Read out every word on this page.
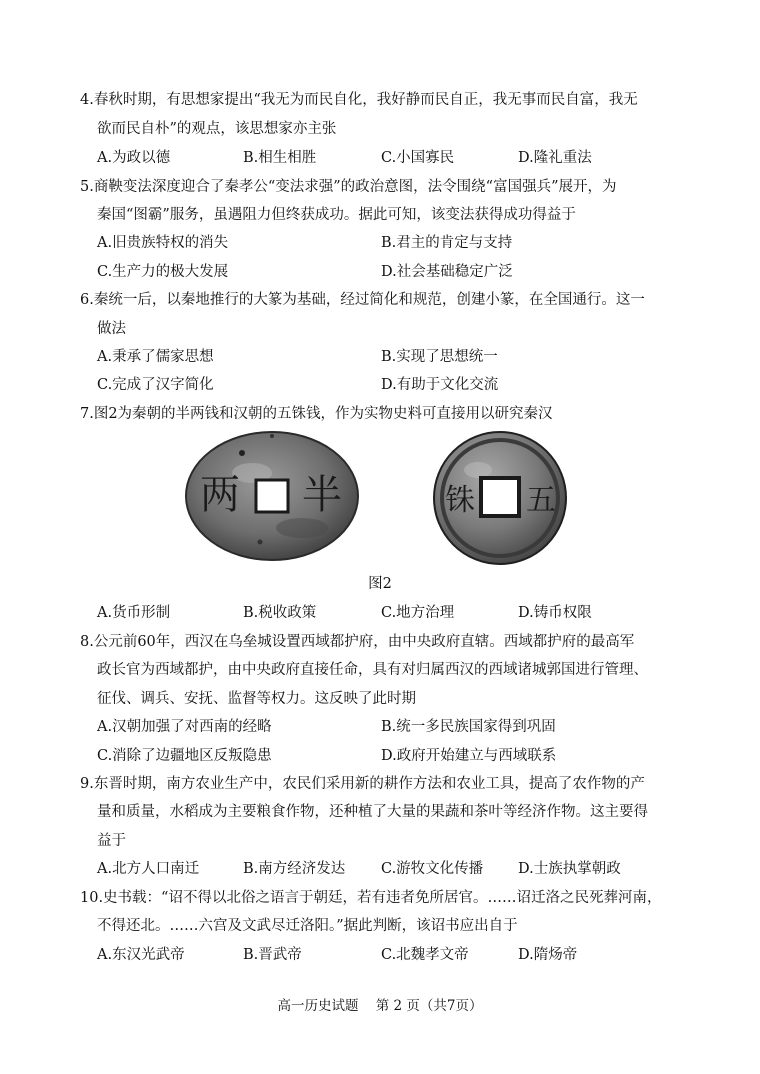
4.春秋时期，有思想家提出“我无为而民自化，我好静而民自正，我无事而民自富，我无
欲而民自朴”的观点，该思想家亦主张
A.为政以德	B.相生相胜	C.小国寡民	D.隆礼重法
5.商鞅变法深度迎合了秦孝公“变法求强”的政治意图，法令围绕“富国强兵”展开，为
秦国“图霸”服务，虽遇阻力但终获成功。据此可知，该变法获得成功得益于
A.旧贵族特权的消失	B.君主的肯定与支持
C.生产力的极大发展	D.社会基础稳定广泛
6.秦统一后，以秦地推行的大篆为基础，经过简化和规范，创建小篆，在全国通行。这一
做法
A.秉承了儒家思想	B.实现了思想统一
C.完成了汉字简化	D.有助于文化交流
7.图2为秦朝的半两钱和汉朝的五铢钱，作为实物史料可直接用以研究秦汉
两 半	铢 五
图2
A.货币形制	B.税收政策	C.地方治理	D.铸币权限
8.公元前60年，西汉在乌垒城设置西域都护府，由中央政府直辖。西域都护府的最高军
政长官为西域都护，由中央政府直接任命，具有对归属西汉的西域诸城郭国进行管理、
征伐、调兵、安抚、监督等权力。这反映了此时期
A.汉朝加强了对西南的经略	B.统一多民族国家得到巩固
C.消除了边疆地区反叛隐患	D.政府开始建立与西域联系
9.东晋时期，南方农业生产中，农民们采用新的耕作方法和农业工具，提高了农作物的产
量和质量，水稻成为主要粮食作物，还种植了大量的果蔬和茶叶等经济作物。这主要得
益于
A.北方人口南迁	B.南方经济发达 C.游牧文化传播 D.士族执掌朝政
10.史书载：“诏不得以北俗之语言于朝廷，若有违者免所居官。……诏迁洛之民死葬河南，
不得还北。……六宫及文武尽迁洛阳。”据此判断，该诏书应出自于
A.东汉光武帝	B.晋武帝	C.北魏孝文帝	D.隋炀帝
高一历史试题    第 2 页（共7页）
